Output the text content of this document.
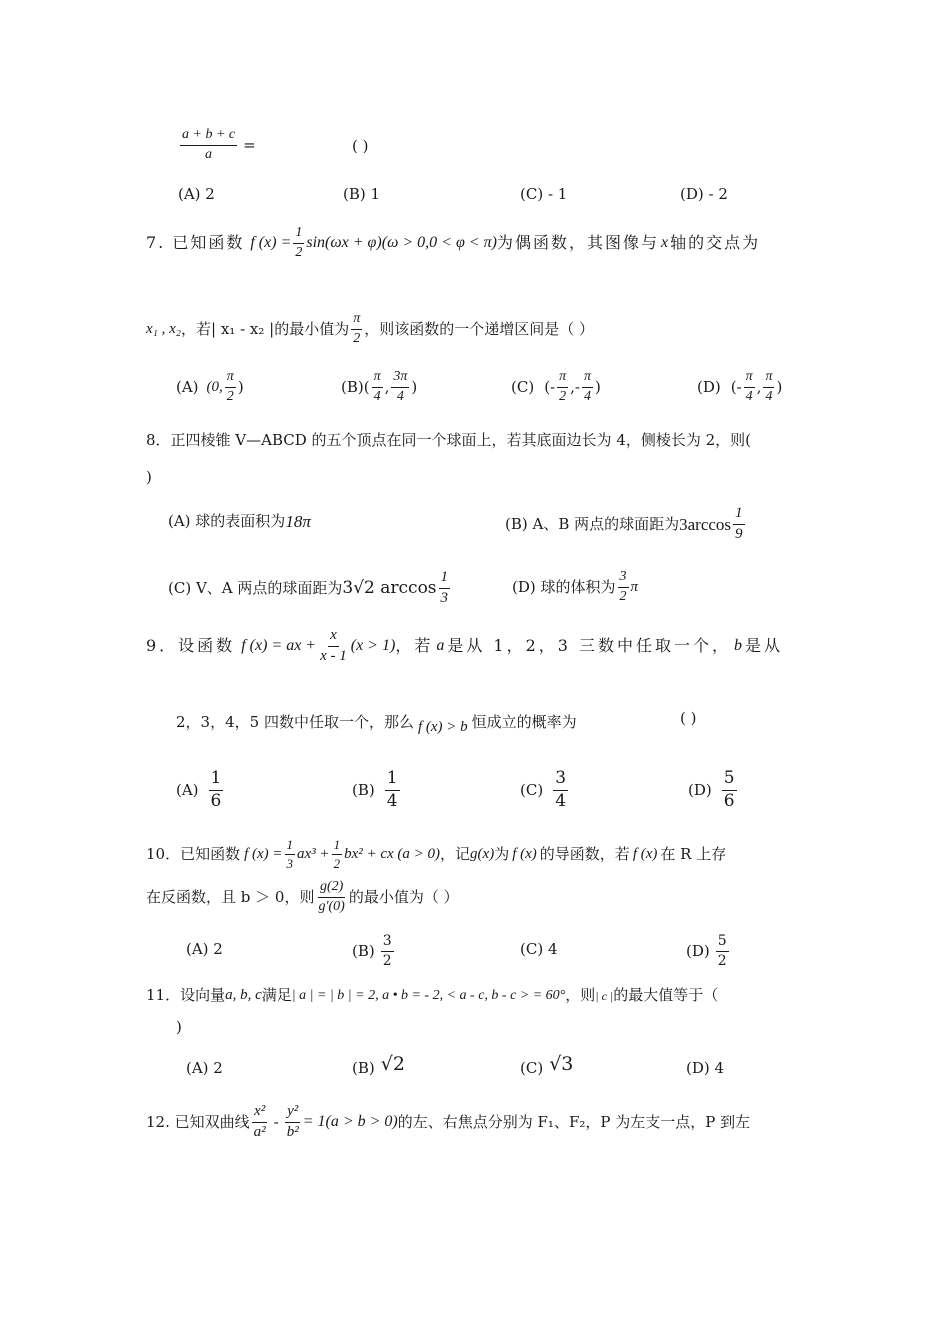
$\frac{a + b + c}{a}$ =	( )
(A) 2	(B) 1	(C) - 1	(D) - 2
7. 已知函数 f $(x) = \frac{1}{2} \sin(\omega x + \varphi)(\omega > 0,0 < \varphi < \pi)$ 为偶函数，其图像与 x 轴的交点为
x₁ , x₂ ，若| x₁ - x₂ |的最小值为 $\frac{\pi}{2}$ ，则该函数的一个递增区间是（ ）
(A) (0, $\frac{\pi}{2}$ )	(B) ( $\frac{\pi}{4}$ , $\frac{3\pi}{4}$ )	(C) (- $\frac{\pi}{2}$ ,- $\frac{\pi}{4}$ )	(D) (- $\frac{\pi}{4}$ , $\frac{\pi}{4}$ )
8．正四棱锥 V—ABCD 的五个顶点在同一个球面上，若其底面边长为 4，侧棱长为 2，则(
)
(A) 球的表面积为 18π	(B) A、B 两点的球面距为 $3\arccos \frac{1}{9}$
(C) V、A 两点的球面距为 3√2 $\arccos \frac{1}{3}$	(D) 球的体积为 $\frac{3}{2}$ π
9．设函数 f (x) = ax + $\frac{x}{x - 1} (x > 1)$ ，若 a 是从 1，2，3 三数中任取一个， b 是从
2，3，4，5 四数中任取一个，那么 f (x) > b 恒成立的概率为	( )
$(A) \frac{1}{6}$	$(B) \frac{1}{4}$	$(C) \frac{3}{4}$	$(D) \frac{5}{6}$
10．已知函数 f $(x) = \frac{1}{3} ax^3 + \frac{1}{2} bx^2$ + cx (a > 0) ，记 g(x) 为 f (x) 的导函数，若 f (x) 在 R 上存
在反函数，且 b ＞ 0，则 $\frac{g(2)}{g'(0)}$ 的最小值为（ ）
(A) 2	$(B) \frac{3}{2}$	(C) 4	$(D) \frac{5}{2}$
11．设向量 a, b, c 满足 | a | = | b | = 2, a • b = - 2, < a - c, b - c > = 60° ，则 | c | 的最大值等于（
)
(A) 2	(B) √2	(C) √3	(D) 4
12. 已知双曲线 $\frac{\text{x²}}{\text{a²}} - \frac{\text{y²}}{\text{b²}} = 1(a > b > 0)$ 的左、右焦点分别为 F₁、F₂，P 为左支一点，P 到左
